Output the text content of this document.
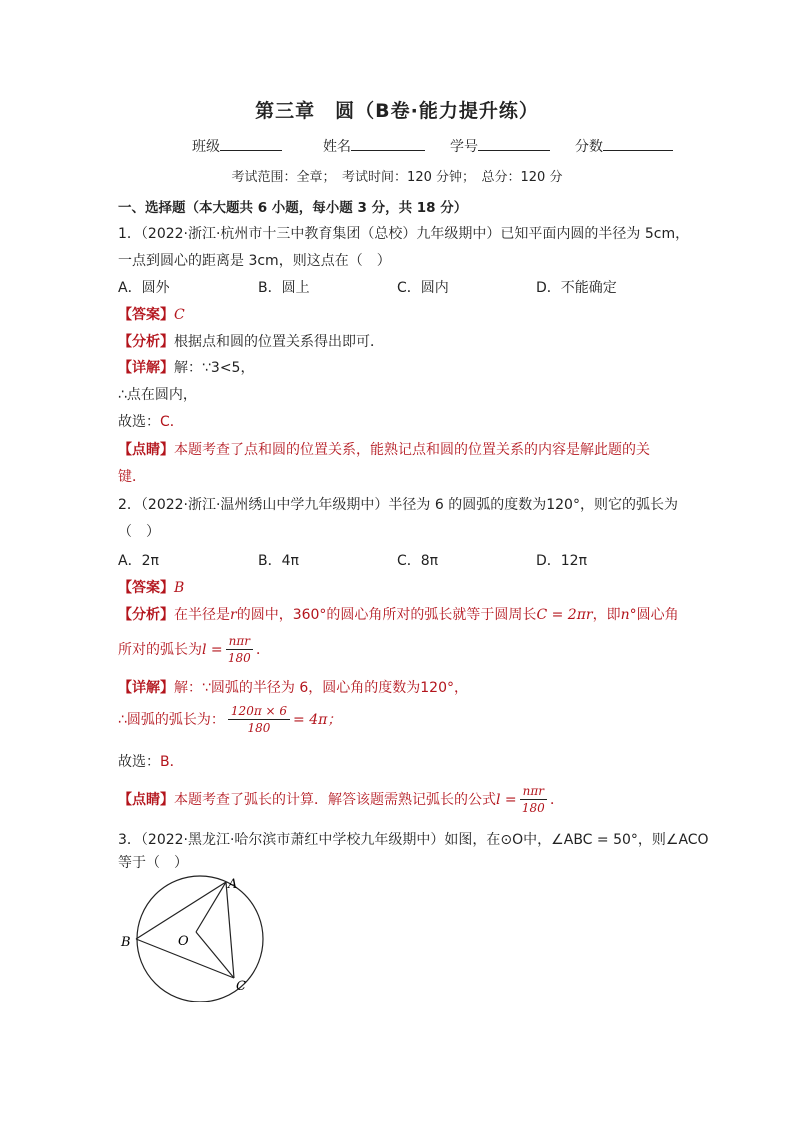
第三章　圆（B卷·能力提升练）
班级	姓名	学号	分数
考试范围：全章；　考试时间：120 分钟；　总分：120 分
一、选择题（本大题共 6 小题，每小题 3 分，共 18 分）
1．（2022·浙江·杭州市十三中教育集团（总校）九年级期中）已知平面内圆的半径为 5cm，
一点到圆心的距离是 3cm，则这点在（　）
A．圆外	B．圆上	C．圆内	D．不能确定
【答案】C
【分析】根据点和圆的位置关系得出即可．
【详解】解：∵3<5，
∴点在圆内，
故选：C．
【点睛】本题考查了点和圆的位置关系，能熟记点和圆的位置关系的内容是解此题的关
键．
2．（2022·浙江·温州绣山中学九年级期中）半径为 6 的圆弧的度数为120°，则它的弧长为
（　）
A．2π	B．4π	C．8π	D．12π
【答案】B
【分析】在半径是r的圆中，360°的圆心角所对的弧长就等于圆周长C = 2πr，即n°圆心角
所对的弧长为$l = \frac{\text{nπr}}{180}$ ．
【详解】解：∵圆弧的半径为 6，圆心角的度数为120°，
∴圆弧的弧长为： $\frac{120\pi \times 6}{180} = 4\pi$；
故选：B．
【点睛】本题考查了弧长的计算．解答该题需熟记弧长的公式$l = \frac{\text{nπr}}{180}$ ．
3．（2022·黑龙江·哈尔滨市萧红中学校九年级期中）如图，在⊙O中，∠ABC = 50°，则∠ACO
等于（　）
A
B
C
O
